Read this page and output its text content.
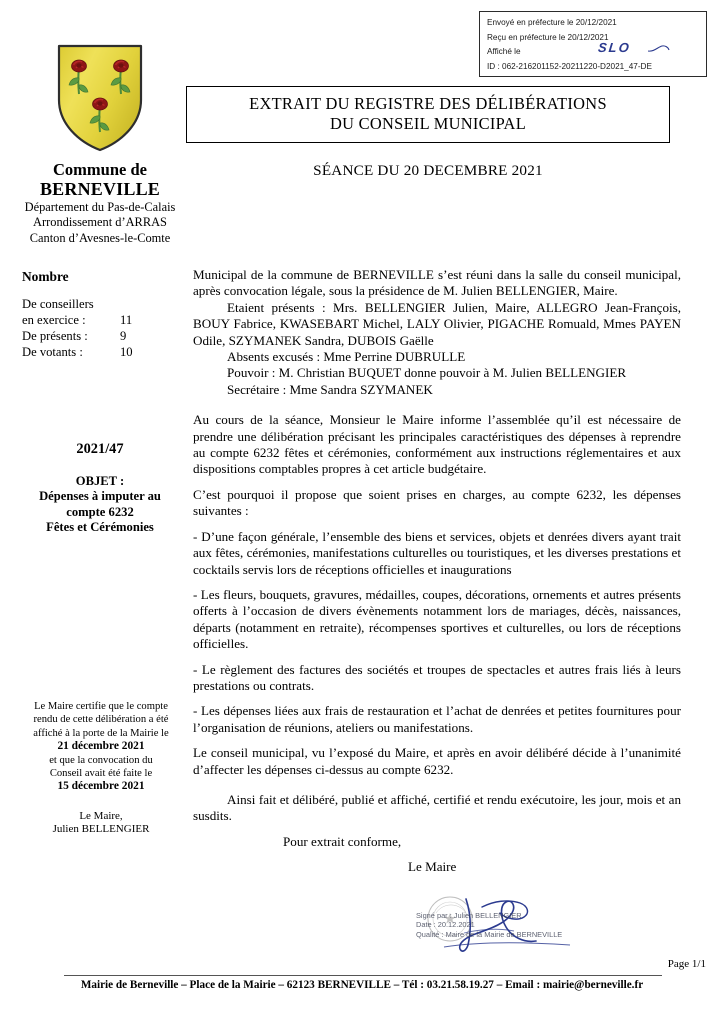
Envoyé en préfecture le 20/12/2021
Reçu en préfecture le 20/12/2021
Affiché le
ID : 062-216201152-20211220-D2021_47-DE
SLO
Commune de
BERNEVILLE
Département du Pas-de-Calais
Arrondissement d’ARRAS
Canton d’Avesnes-le-Comte
EXTRAIT DU REGISTRE DES DÉLIBÉRATIONS
DU CONSEIL MUNICIPAL
SÉANCE DU 20 DECEMBRE 2021
Nombre
De conseillers
en exercice :	11
De présents :	9
De votants :	10
2021/47
OBJET :
Dépenses à imputer au
compte 6232
Fêtes et Cérémonies
Le Maire certifie que le compte
rendu de cette délibération a été
affiché à la porte de la Mairie le
21 décembre 2021
et que la convocation du
Conseil avait été faite le
15 décembre 2021
Le Maire,
Julien BELLENGIER

Municipal de la commune de BERNEVILLE s’est réuni dans la salle du conseil municipal, après convocation légale, sous la présidence de M. Julien BELLENGIER, Maire.

Etaient présents : Mrs. BELLENGIER Julien, Maire, ALLEGRO Jean-François, BOUY Fabrice, KWASEBART Michel, LALY Olivier, PIGACHE Romuald, Mmes PAYEN Odile, SZYMANEK Sandra, DUBOIS Gaëlle

Absents excusés : Mme Perrine DUBRULLE

Pouvoir : M. Christian BUQUET donne pouvoir à M. Julien BELLENGIER

Secrétaire : Mme Sandra SZYMANEK

Au cours de la séance, Monsieur le Maire informe l’assemblée qu’il est nécessaire de prendre une délibération précisant les principales caractéristiques des dépenses à reprendre au compte 6232 fêtes et cérémonies, conformément aux instructions réglementaires et aux dispositions comptables propres à cet article budgétaire.

C’est pourquoi il propose que soient prises en charges, au compte 6232, les dépenses suivantes :

- D’une façon générale, l’ensemble des biens et services, objets et denrées divers ayant trait aux fêtes, cérémonies, manifestations culturelles ou touristiques, et les diverses prestations et cocktails servis lors de réceptions officielles et inaugurations

- Les fleurs, bouquets, gravures, médailles, coupes, décorations, ornements et autres présents offerts à l’occasion de divers évènements notamment lors de mariages, décès, naissances, départs (notamment en retraite), récompenses sportives et culturelles, ou lors de réceptions officielles.

- Le règlement des factures des sociétés et troupes de spectacles et autres frais liés à leurs prestations ou contrats.

- Les dépenses liées aux frais de restauration et l’achat de denrées et petites fournitures pour l’organisation de réunions, ateliers ou manifestations.

Le conseil municipal, vu l’exposé du Maire, et après en avoir délibéré décide à l’unanimité d’affecter les dépenses ci-dessus au compte 6232.

Ainsi fait et délibéré, publié et affiché, certifié et rendu exécutoire, les jour, mois et an susdits.

Pour extrait conforme,

Le Maire

Signé par : Julien BELLENGIER
Date : 20.12.2021
Qualité : Maire de la Mairie de BERNEVILLE
Page 1/1
Mairie de Berneville – Place de la Mairie – 62123 BERNEVILLE – Tél : 03.21.58.19.27 – Email : mairie@berneville.fr
